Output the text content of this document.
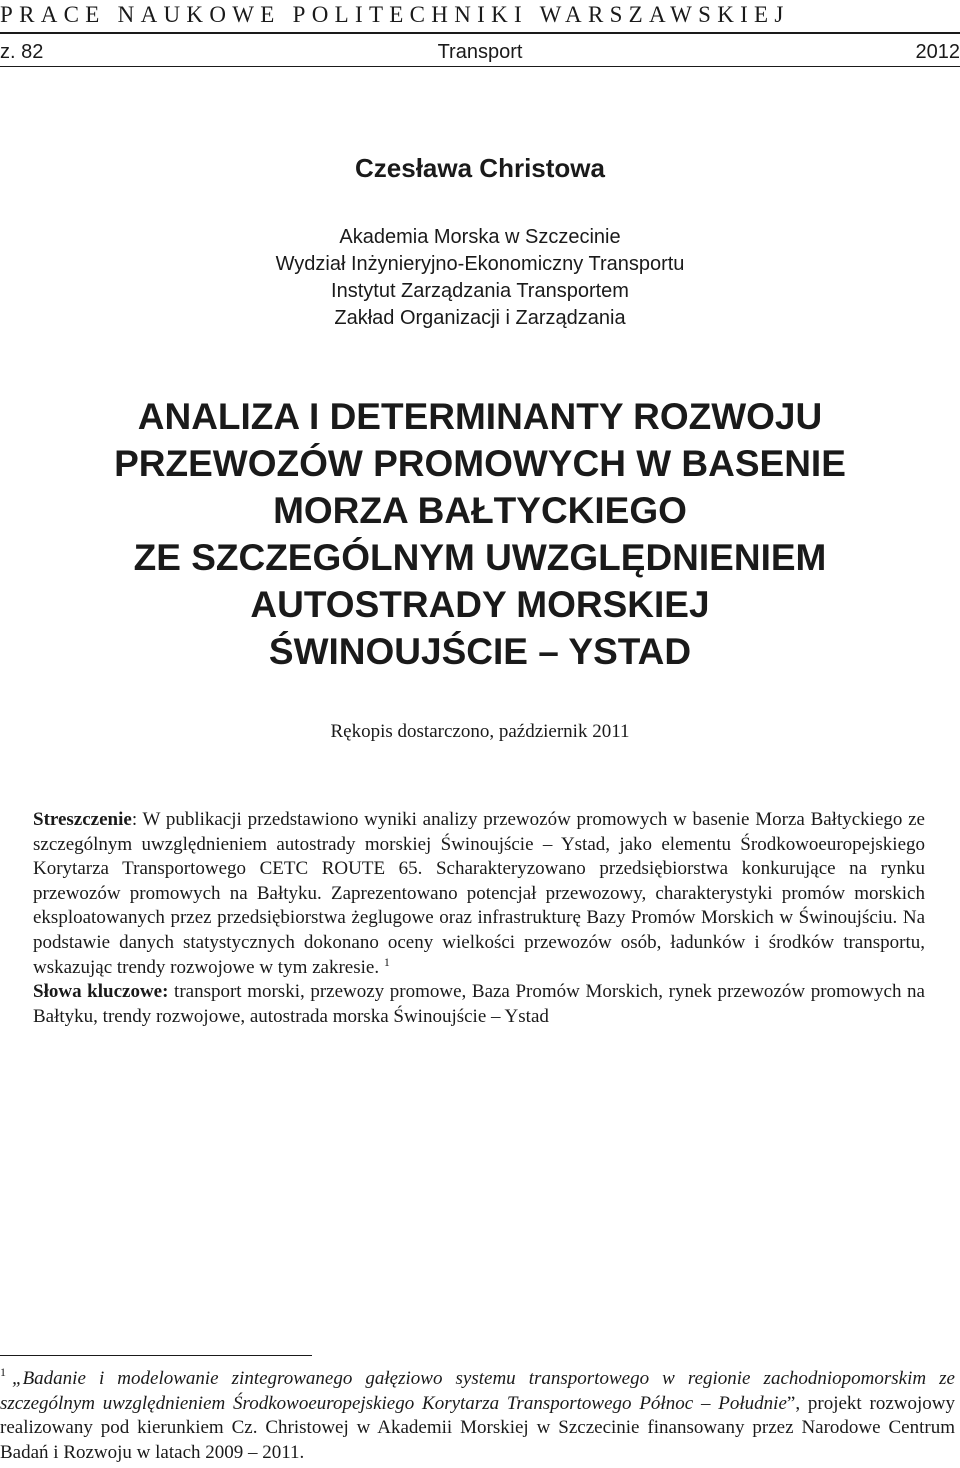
PRACE NAUKOWE POLITECHNIKI WARSZAWSKIEJ
z. 82	Transport	2012
Czesława Christowa
Akademia Morska w Szczecinie
Wydział Inżynieryjno-Ekonomiczny Transportu
Instytut Zarządzania Transportem
Zakład Organizacji i Zarządzania
ANALIZA I DETERMINANTY ROZWOJU
PRZEWOZÓW PROMOWYCH W BASENIE
MORZA BAŁTYCKIEGO
ZE SZCZEGÓLNYM UWZGLĘDNIENIEM
AUTOSTRADY MORSKIEJ
ŚWINOUJŚCIE – YSTAD
Rękopis dostarczono, październik 2011

Streszczenie: W publikacji przedstawiono wyniki analizy przewozów promowych w basenie Morza Bałtyckiego ze szczególnym uwzględnieniem autostrady morskiej Świnoujście – Ystad, jako elementu Środkowoeuropejskiego Korytarza Transportowego CETC ROUTE 65. Scharakteryzowano przedsiębiorstwa konkurujące na rynku przewozów promowych na Bałtyku. Zaprezentowano potencjał przewozowy, charakterystyki promów morskich eksploatowanych przez przedsiębiorstwa żeglugowe oraz infrastrukturę Bazy Promów Morskich w Świnoujściu. Na podstawie danych statystycznych dokonano oceny wielkości przewozów osób, ładunków i środków transportu, wskazując trendy rozwojowe w tym zakresie. $^1$

Słowa kluczowe: transport morski, przewozy promowe, Baza Promów Morskich, rynek przewozów promowych na Bałtyku, trendy rozwojowe, autostrada morska Świnoujście – Ystad

$^1$ „Badanie i modelowanie zintegrowanego gałęziowo systemu transportowego w regionie zachodniopomorskim ze szczególnym uwzględnieniem Środkowoeuropejskiego Korytarza Transportowego Północ – Południe”, projekt rozwojowy realizowany pod kierunkiem Cz. Christowej w Akademii Morskiej w Szczecinie finansowany przez Narodowe Centrum Badań i Rozwoju w latach 2009 – 2011.
